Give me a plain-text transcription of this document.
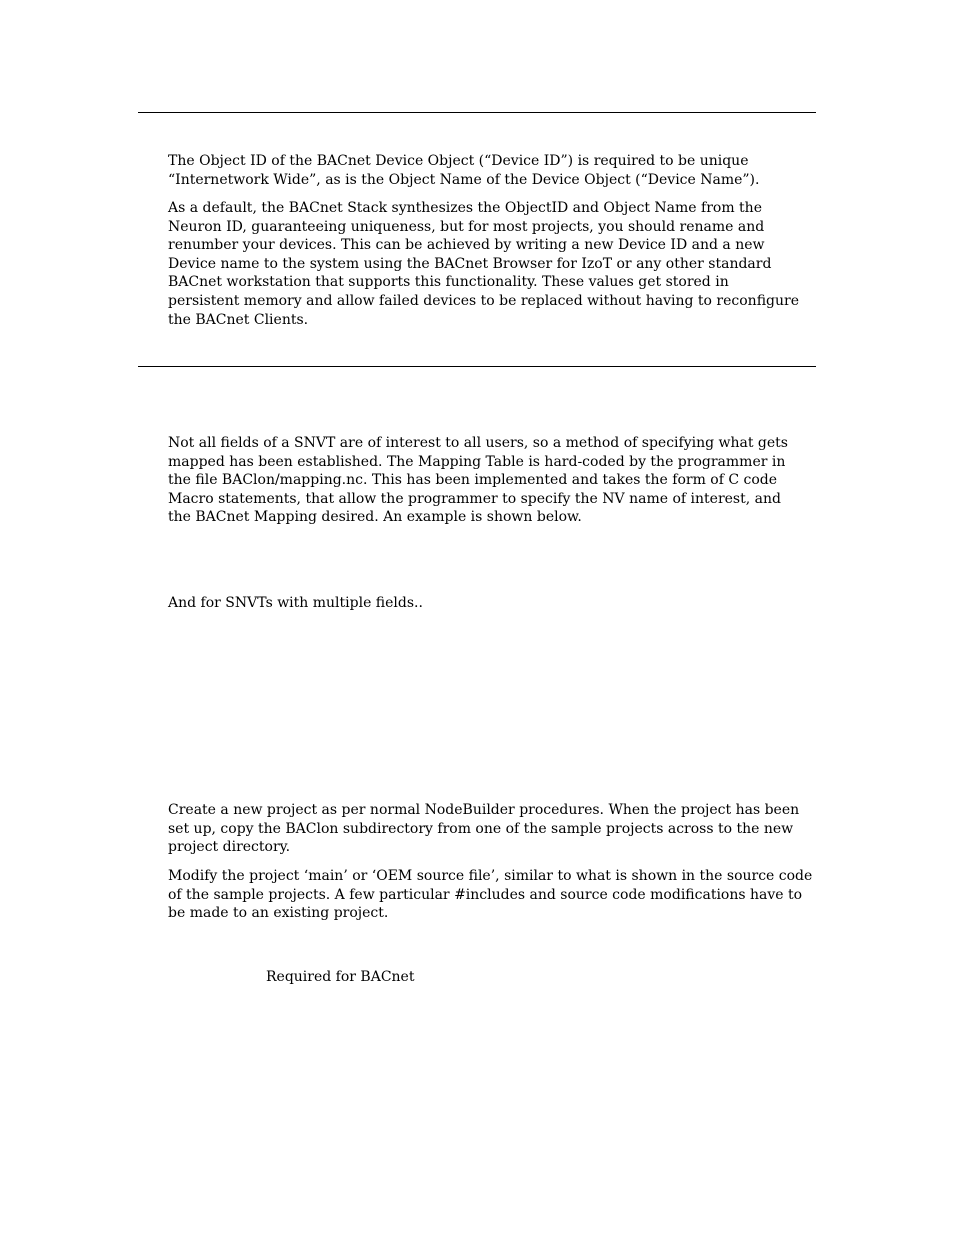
The Object ID of the BACnet Device Object (“Device ID”) is required to be unique
“Internetwork Wide”, as is the Object Name of the Device Object (“Device Name”).

As a default, the BACnet Stack synthesizes the ObjectID and Object Name from the
Neuron ID, guaranteeing uniqueness, but for most projects, you should rename and
renumber your devices. This can be achieved by writing a new Device ID and a new
Device name to the system using the BACnet Browser for IzoT or any other standard
BACnet workstation that supports this functionality. These values get stored in
persistent memory and allow failed devices to be replaced without having to reconfigure
the BACnet Clients.

Not all fields of a SNVT are of interest to all users, so a method of specifying what gets
mapped has been established. The Mapping Table is hard-coded by the programmer in
the file BAClon/mapping.nc. This has been implemented and takes the form of C code
Macro statements, that allow the programmer to specify the NV name of interest, and
the BACnet Mapping desired. An example is shown below.

And for SNVTs with multiple fields..

Create a new project as per normal NodeBuilder procedures. When the project has been
set up, copy the BAClon subdirectory from one of the sample projects across to the new
project directory.

Modify the project ‘main’ or ‘OEM source file’, similar to what is shown in the source code
of the sample projects. A few particular #includes and source code modifications have to
be made to an existing project.

Required for BACnet
